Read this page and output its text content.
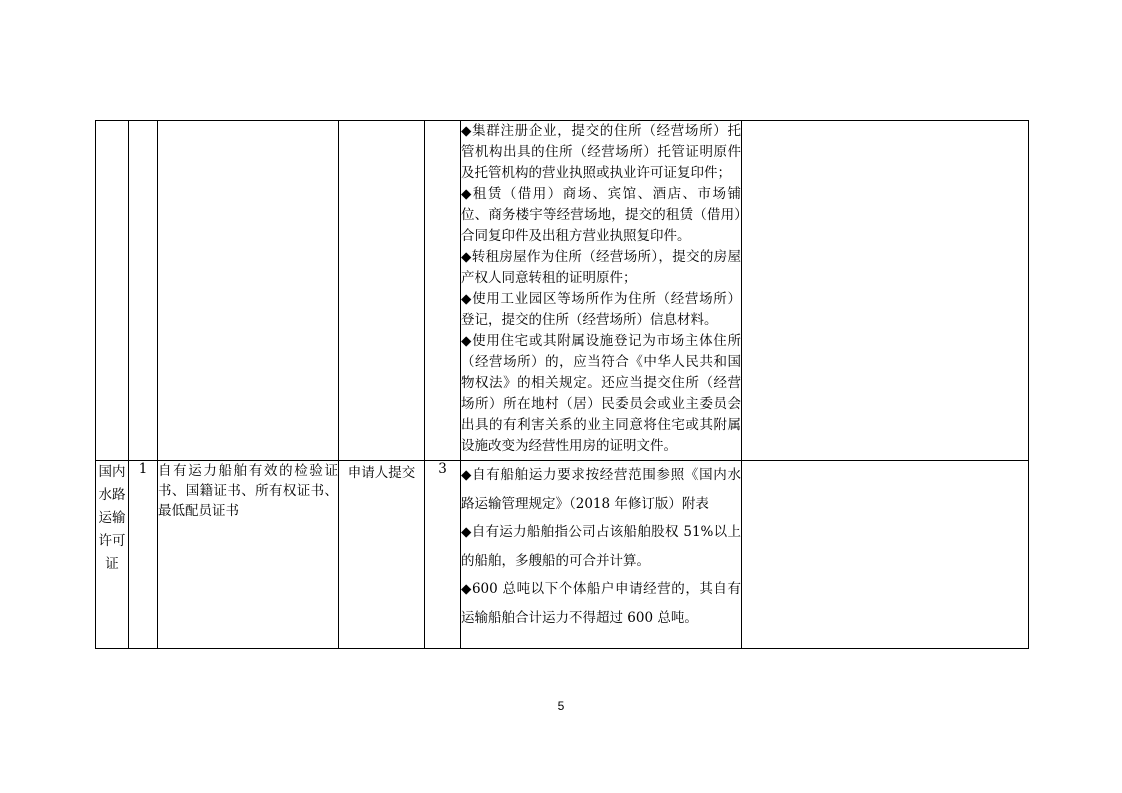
					◆集群注册企业，提交的住所（经营场所）托管机构出具的住所（经营场所）托管证明原件及托管机构的营业执照或执业许可证复印件；

◆租赁（借用）商场、宾馆、酒店、市场铺位、商务楼宇等经营场地，提交的租赁（借用）合同复印件及出租方营业执照复印件。

◆转租房屋作为住所（经营场所），提交的房屋产权人同意转租的证明原件；

◆使用工业园区等场所作为住所（经营场所）登记，提交的住所（经营场所）信息材料。

◆使用住宅或其附属设施登记为市场主体住所（经营场所）的，应当符合《中华人民共和国物权法》的相关规定。还应当提交住所（经营场所）所在地村（居）民委员会或业主委员会出具的有利害关系的业主同意将住宅或其附属设施改变为经营性用房的证明文件。	

国内水路运输许可证	1	自有运力船舶有效的检验证书、国籍证书、所有权证书、最低配员证书	申请人提交	3	◆自有船舶运力要求按经营范围参照《国内水路运输管理规定》（2018 年修订版）附表

◆自有运力船舶指公司占该船舶股权 51%以上的船舶，多艘船的可合并计算。

◆600 总吨以下个体船户申请经营的，其自有运输船舶合计运力不得超过 600 总吨。	

5
